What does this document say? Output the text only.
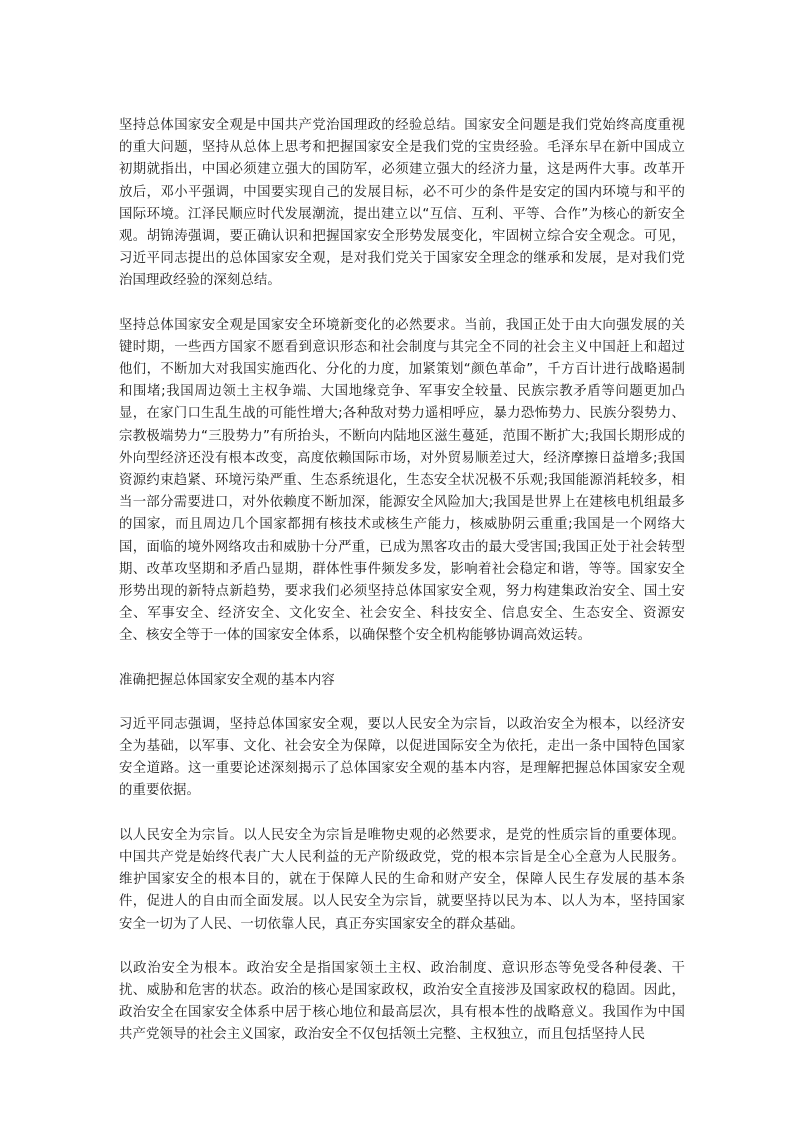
坚持总体国家安全观是中国共产党治国理政的经验总结。国家安全问题是我们党始终高度重视的重大问题，坚持从总体上思考和把握国家安全是我们党的宝贵经验。毛泽东早在新中国成立初期就指出，中国必须建立强大的国防军，必须建立强大的经济力量，这是两件大事。改革开放后，邓小平强调，中国要实现自己的发展目标，必不可少的条件是安定的国内环境与和平的国际环境。江泽民顺应时代发展潮流，提出建立以“互信、互利、平等、合作”为核心的新安全观。胡锦涛强调，要正确认识和把握国家安全形势发展变化，牢固树立综合安全观念。可见，习近平同志提出的总体国家安全观，是对我们党关于国家安全理念的继承和发展，是对我们党治国理政经验的深刻总结。

坚持总体国家安全观是国家安全环境新变化的必然要求。当前，我国正处于由大向强发展的关键时期，一些西方国家不愿看到意识形态和社会制度与其完全不同的社会主义中国赶上和超过他们，不断加大对我国实施西化、分化的力度，加紧策划“颜色革命”，千方百计进行战略遏制和围堵;我国周边领土主权争端、大国地缘竞争、军事安全较量、民族宗教矛盾等问题更加凸显，在家门口生乱生战的可能性增大;各种敌对势力遥相呼应，暴力恐怖势力、民族分裂势力、宗教极端势力“三股势力”有所抬头，不断向内陆地区滋生蔓延，范围不断扩大;我国长期形成的外向型经济还没有根本改变，高度依赖国际市场，对外贸易顺差过大，经济摩擦日益增多;我国资源约束趋紧、环境污染严重、生态系统退化，生态安全状况极不乐观;我国能源消耗较多，相当一部分需要进口，对外依赖度不断加深，能源安全风险加大;我国是世界上在建核电机组最多的国家，而且周边几个国家都拥有核技术或核生产能力，核威胁阴云重重;我国是一个网络大国，面临的境外网络攻击和威胁十分严重，已成为黑客攻击的最大受害国;我国正处于社会转型期、改革攻坚期和矛盾凸显期，群体性事件频发多发，影响着社会稳定和谐，等等。国家安全形势出现的新特点新趋势，要求我们必须坚持总体国家安全观，努力构建集政治安全、国土安全、军事安全、经济安全、文化安全、社会安全、科技安全、信息安全、生态安全、资源安全、核安全等于一体的国家安全体系，以确保整个安全机构能够协调高效运转。

准确把握总体国家安全观的基本内容

习近平同志强调，坚持总体国家安全观，要以人民安全为宗旨，以政治安全为根本，以经济安全为基础，以军事、文化、社会安全为保障，以促进国际安全为依托，走出一条中国特色国家安全道路。这一重要论述深刻揭示了总体国家安全观的基本内容，是理解把握总体国家安全观的重要依据。

以人民安全为宗旨。以人民安全为宗旨是唯物史观的必然要求，是党的性质宗旨的重要体现。中国共产党是始终代表广大人民利益的无产阶级政党，党的根本宗旨是全心全意为人民服务。维护国家安全的根本目的，就在于保障人民的生命和财产安全，保障人民生存发展的基本条件，促进人的自由而全面发展。以人民安全为宗旨，就要坚持以民为本、以人为本，坚持国家安全一切为了人民、一切依靠人民，真正夯实国家安全的群众基础。

以政治安全为根本。政治安全是指国家领土主权、政治制度、意识形态等免受各种侵袭、干扰、威胁和危害的状态。政治的核心是国家政权，政治安全直接涉及国家政权的稳固。因此，政治安全在国家安全体系中居于核心地位和最高层次，具有根本性的战略意义。我国作为中国共产党领导的社会主义国家，政治安全不仅包括领土完整、主权独立，而且包括坚持人民
